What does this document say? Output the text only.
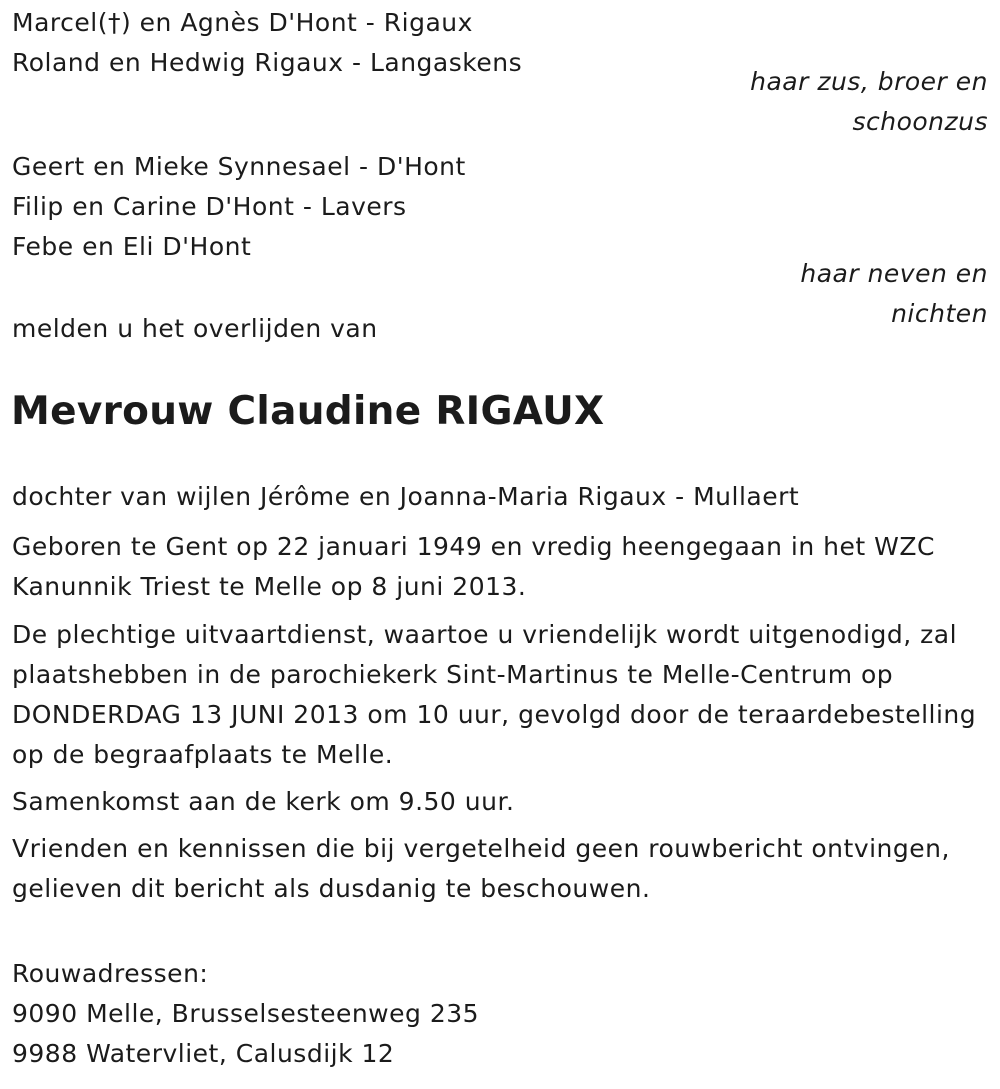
Marcel(†) en Agnès D'Hont - Rigaux
Roland en Hedwig Rigaux - Langaskens
haar zus, broer en
schoonzus
Geert en Mieke Synnesael - D'Hont
Filip en Carine D'Hont - Lavers
Febe en Eli D'Hont
haar neven en
nichten
melden u het overlijden van
Mevrouw Claudine RIGAUX
dochter van wijlen Jérôme en Joanna-Maria Rigaux - Mullaert
Geboren te Gent op 22 januari 1949 en vredig heengegaan in het WZC
Kanunnik Triest te Melle op 8 juni 2013.
De plechtige uitvaartdienst, waartoe u vriendelijk wordt uitgenodigd, zal
plaatshebben in de parochiekerk Sint-Martinus te Melle-Centrum op
DONDERDAG 13 JUNI 2013 om 10 uur, gevolgd door de teraardebestelling
op de begraafplaats te Melle.
Samenkomst aan de kerk om 9.50 uur.
Vrienden en kennissen die bij vergetelheid geen rouwbericht ontvingen,
gelieven dit bericht als dusdanig te beschouwen.
Rouwadressen:
9090 Melle, Brusselsesteenweg 235
9988 Watervliet, Calusdijk 12
